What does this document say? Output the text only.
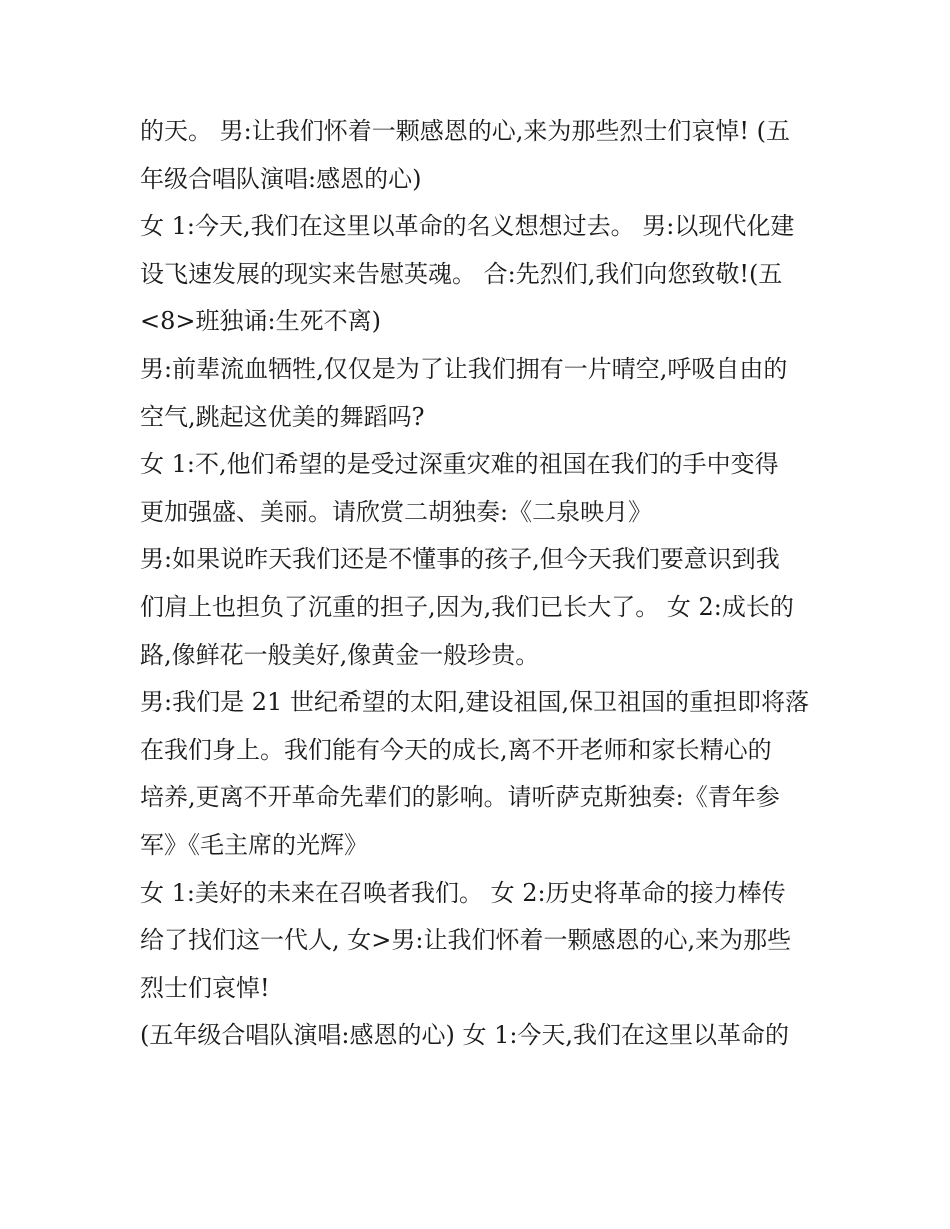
的天。 男:让我们怀着一颗感恩的心,来为那些烈士们哀悼! (五
年级合唱队演唱:感恩的心)
女 1:今天,我们在这里以革命的名义想想过去。 男:以现代化建
设飞速发展的现实来告慰英魂。 合:先烈们,我们向您致敬!(五
<8>班独诵:生死不离)
男:前辈流血牺牲,仅仅是为了让我们拥有一片晴空,呼吸自由的
空气,跳起这优美的舞蹈吗?
女 1:不,他们希望的是受过深重灾难的祖国在我们的手中变得
更加强盛、美丽。请欣赏二胡独奏:《二泉映月》
男:如果说昨天我们还是不懂事的孩子,但今天我们要意识到我
们肩上也担负了沉重的担子,因为,我们已长大了。 女 2:成长的
路,像鲜花一般美好,像黄金一般珍贵。
男:我们是 21 世纪希望的太阳,建设祖国,保卫祖国的重担即将落
在我们身上。我们能有今天的成长,离不开老师和家长精心的
培养,更离不开革命先辈们的影响。请听萨克斯独奏:《青年参
军》《毛主席的光辉》
女 1:美好的未来在召唤者我们。 女 2:历史将革命的接力棒传
给了找们这一代人, 女>男:让我们怀着一颗感恩的心,来为那些
烈士们哀悼!
(五年级合唱队演唱:感恩的心) 女 1:今天,我们在这里以革命的
